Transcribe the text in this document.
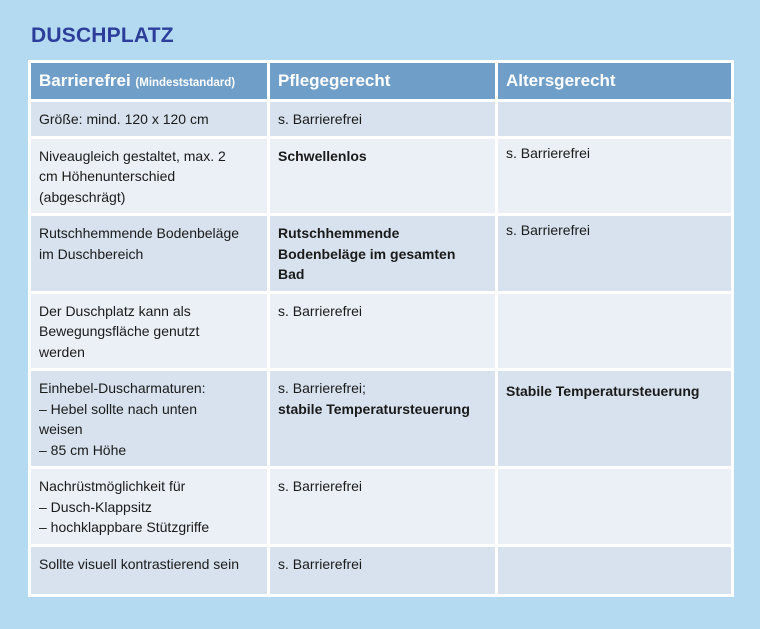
DUSCHPLATZ
Barrierefrei (Mindeststandard)	Pflegegerecht	Altersgerecht

Größe: mind. 120 x 120 cm	s. Barrierefrei	

Niveaugleich gestaltet, max. 2
cm Höhenunterschied
(abgeschrägt)	Schwellenlos	s. Barrierefrei

Rutschhemmende Bodenbeläge
im Duschbereich	Rutschhemmende
Bodenbeläge im gesamten
Bad	s. Barrierefrei

Der Duschplatz kann als
Bewegungsfläche genutzt
werden	s. Barrierefrei	

Einhebel-Duscharmaturen:
– Hebel sollte nach unten
weisen
– 85 cm Höhe	s. Barrierefrei;
stabile Temperatursteuerung	Stabile Temperatursteuerung

Nachrüstmöglichkeit für
– Dusch-Klappsitz
– hochklappbare Stützgriffe	s. Barrierefrei	

Sollte visuell kontrastierend sein	s. Barrierefrei	
